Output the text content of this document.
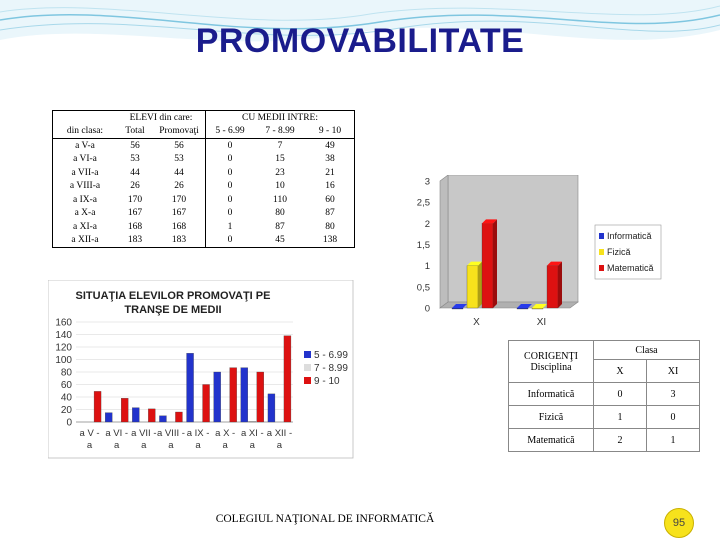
PROMOVABILITATE
	ELEVI din care:		CU MEDII INTRE:		
din clasa:	Total	Promovaţi	5 - 6.99	7 - 8.99	9 - 10
a V-a	56	56	0	7	49
a VI-a	53	53	0	15	38
a VII-a	44	44	0	23	21
a VIII-a	26	26	0	10	16
a IX-a	170	170	0	110	60
a X-a	167	167	0	80	87
a XI-a	168	168	1	87	80
a XII-a	183	183	0	45	138
SITUAŢIA ELEVILOR PROMOVAŢI PE
TRANŞE DE MEDII
0
20
40
60
80
100
120
140
160
a V -a
a VI -a
a VII -a
a VIII -a
a IX -a
a X -a
a XI -a
a XII -a
5 - 6.99
7 - 8.99
9 - 10
0
0,5
1
1,5
2
2,5
3
X	XI
Informatică
Fizică
Matematică
CORIGENŢI
Disciplina	Clasa	
	X	XI
Informatică	0	3
Fizică	1	0
Matematică	2	1
COLEGIUL NAŢIONAL DE INFORMATICĂ	95
